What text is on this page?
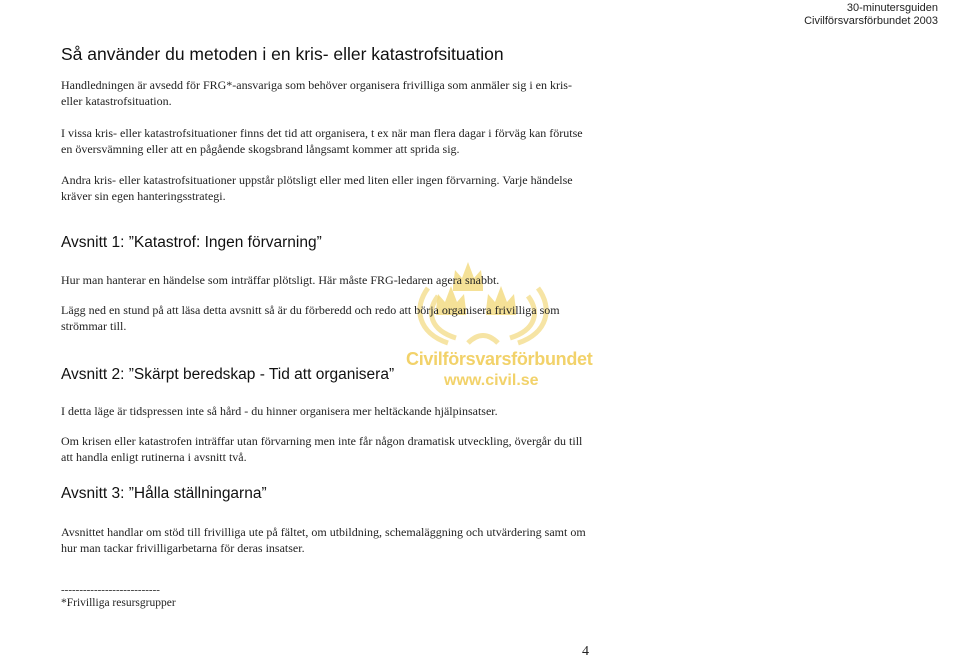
30-minutersguiden
Civilförsvarsförbundet 2003
Civilförsvarsförbundet
www.civil.se
Så använder du metoden i en kris- eller katastrofsituation

Handledningen är avsedd för FRG*-ansvariga som behöver organisera frivilliga som anmäler sig i en kris- eller katastrofsituation.

I vissa kris- eller katastrofsituationer finns det tid att organisera, t ex när man flera dagar i förväg kan förutse en översvämning eller att en pågående skogsbrand långsamt kommer att sprida sig.

Andra kris- eller katastrofsituationer uppstår plötsligt eller med liten eller ingen förvarning. Varje händelse kräver sin egen hanteringsstrategi.

Avsnitt 1: ”Katastrof: Ingen förvarning”

Hur man hanterar en händelse som inträffar plötsligt. Här måste FRG-ledaren agera snabbt.

Lägg ned en stund på att läsa detta avsnitt så är du förberedd och redo att börja organisera frivilliga som strömmar till.

Avsnitt 2: ”Skärpt beredskap - Tid att organisera”

I detta läge är tidspressen inte så hård - du hinner organisera mer heltäckande hjälpinsatser.

Om krisen eller katastrofen inträffar utan förvarning men inte får någon dramatisk utveckling, övergår du till att handla enligt rutinerna i avsnitt två.

Avsnitt 3: ”Hålla ställningarna”

Avsnittet handlar om stöd till frivilliga ute på fältet, om utbildning, schemaläggning och utvärdering samt om hur man tackar frivilligarbetarna för deras insatser.

---------------------------
*Frivilliga resursgrupper
4
